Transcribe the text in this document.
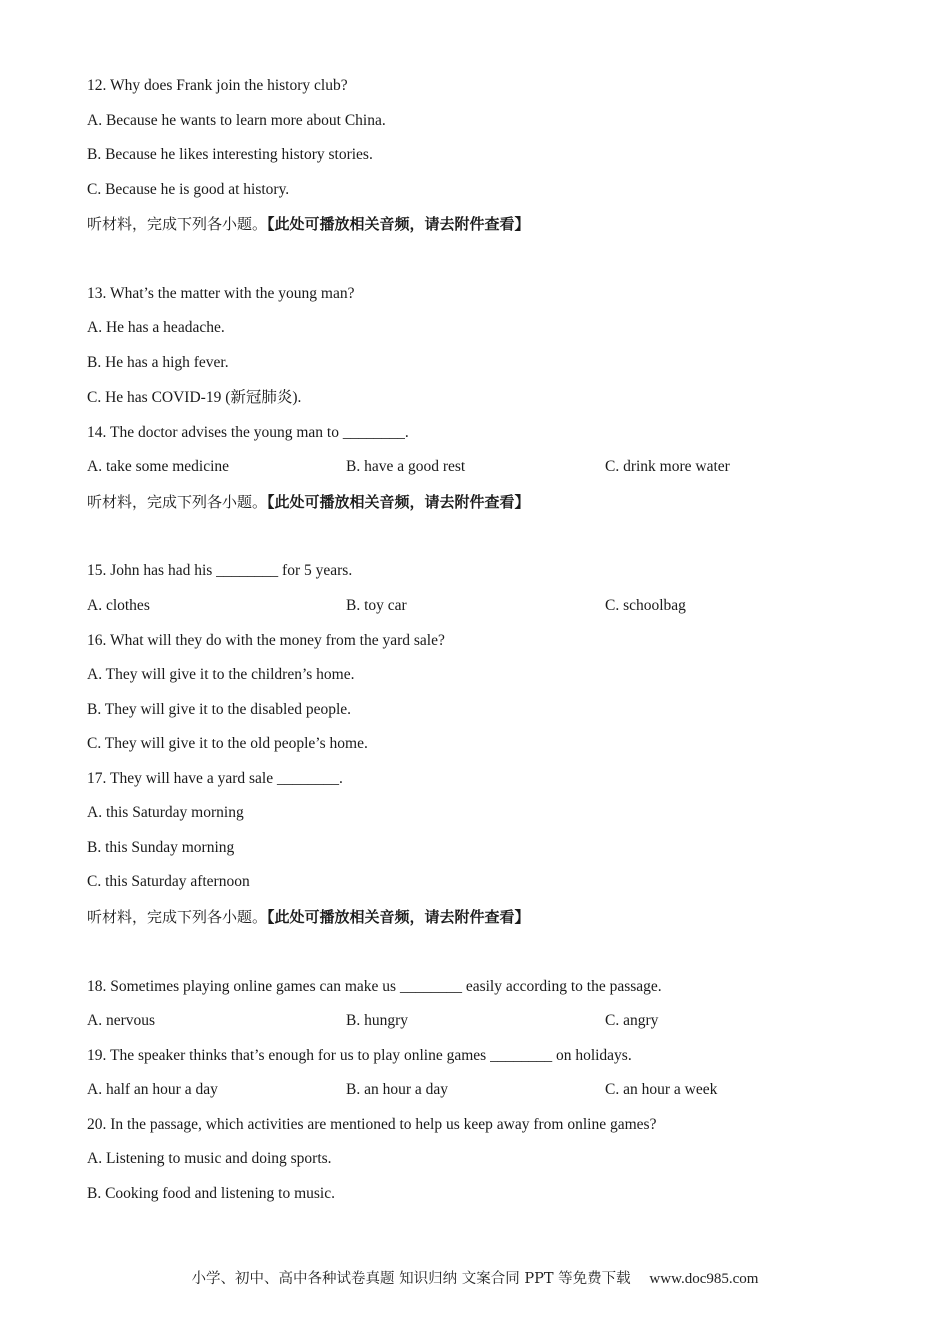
12. Why does Frank join the history club?
A. Because he wants to learn more about China.
B. Because he likes interesting history stories.
C. Because he is good at history.
听材料，完成下列各小题。【此处可播放相关音频，请去附件查看】
13. What’s the matter with the young man?
A. He has a headache.
B. He has a high fever.
C. He has COVID-19 (新冠肺炎).
14. The doctor advises the young man to ________.
A. take some medicine	B. have a good rest	C. drink more water
听材料，完成下列各小题。【此处可播放相关音频，请去附件查看】
15. John has had his ________ for 5 years.
A. clothes	B. toy car	C. schoolbag
16. What will they do with the money from the yard sale?
A. They will give it to the children’s home.
B. They will give it to the disabled people.
C. They will give it to the old people’s home.
17. They will have a yard sale ________.
A. this Saturday morning
B. this Sunday morning
C. this Saturday afternoon
听材料，完成下列各小题。【此处可播放相关音频，请去附件查看】
18. Sometimes playing online games can make us ________ easily according to the passage.
A. nervous	B. hungry	C. angry
19. The speaker thinks that’s enough for us to play online games ________ on holidays.
A. half an hour a day	B. an hour a day	C. an hour a week
20. In the passage, which activities are mentioned to help us keep away from online games?
A. Listening to music and doing sports.
B. Cooking food and listening to music.
小学、初中、高中各种试卷真题 知识归纳 文案合同 PPT 等免费下载 www.doc985.com
